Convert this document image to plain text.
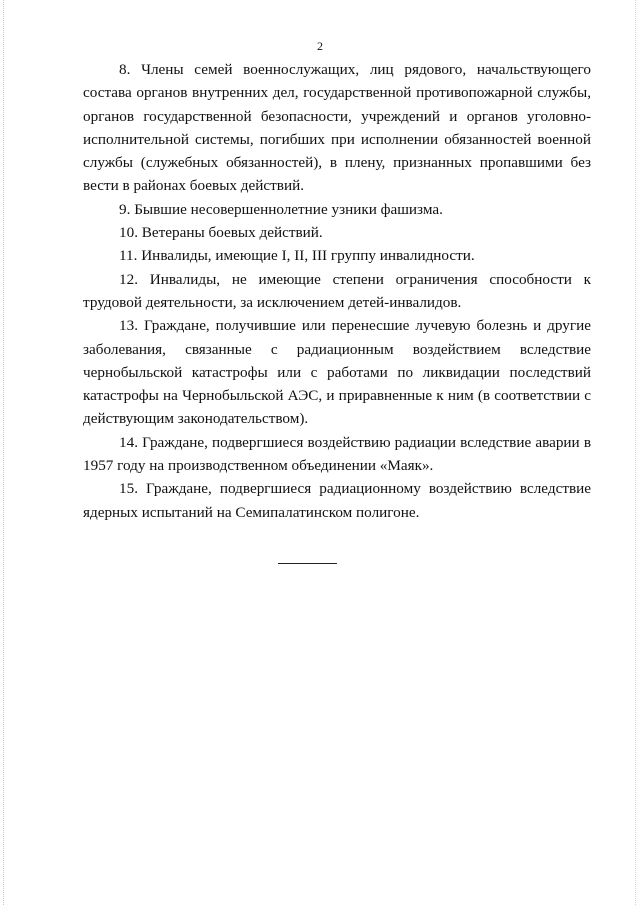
2

8. Члены семей военнослужащих, лиц рядового, начальствующего состава органов внутренних дел, государственной противопожарной службы, органов государственной безопасности, учреждений и органов уголовно-исполнительной системы, погибших при исполнении обязанностей военной службы (служебных обязанностей), в плену, признанных пропавшими без вести в районах боевых действий.

9. Бывшие несовершеннолетние узники фашизма.

10. Ветераны боевых действий.

11. Инвалиды, имеющие I, II, III группу инвалидности.

12. Инвалиды, не имеющие степени ограничения способности к трудовой деятельности, за исключением детей-инвалидов.

13. Граждане, получившие или перенесшие лучевую болезнь и другие заболевания, связанные с радиационным воздействием вследствие чернобыльской катастрофы или с работами по ликвидации последствий катастрофы на Чернобыльской АЭС, и приравненные к ним (в соответствии с действующим законодательством).

14. Граждане, подвергшиеся воздействию радиации вследствие аварии в 1957 году на производственном объединении «Маяк».

15. Граждане, подвергшиеся радиационному воздействию вследствие ядерных испытаний на Семипалатинском полигоне.
